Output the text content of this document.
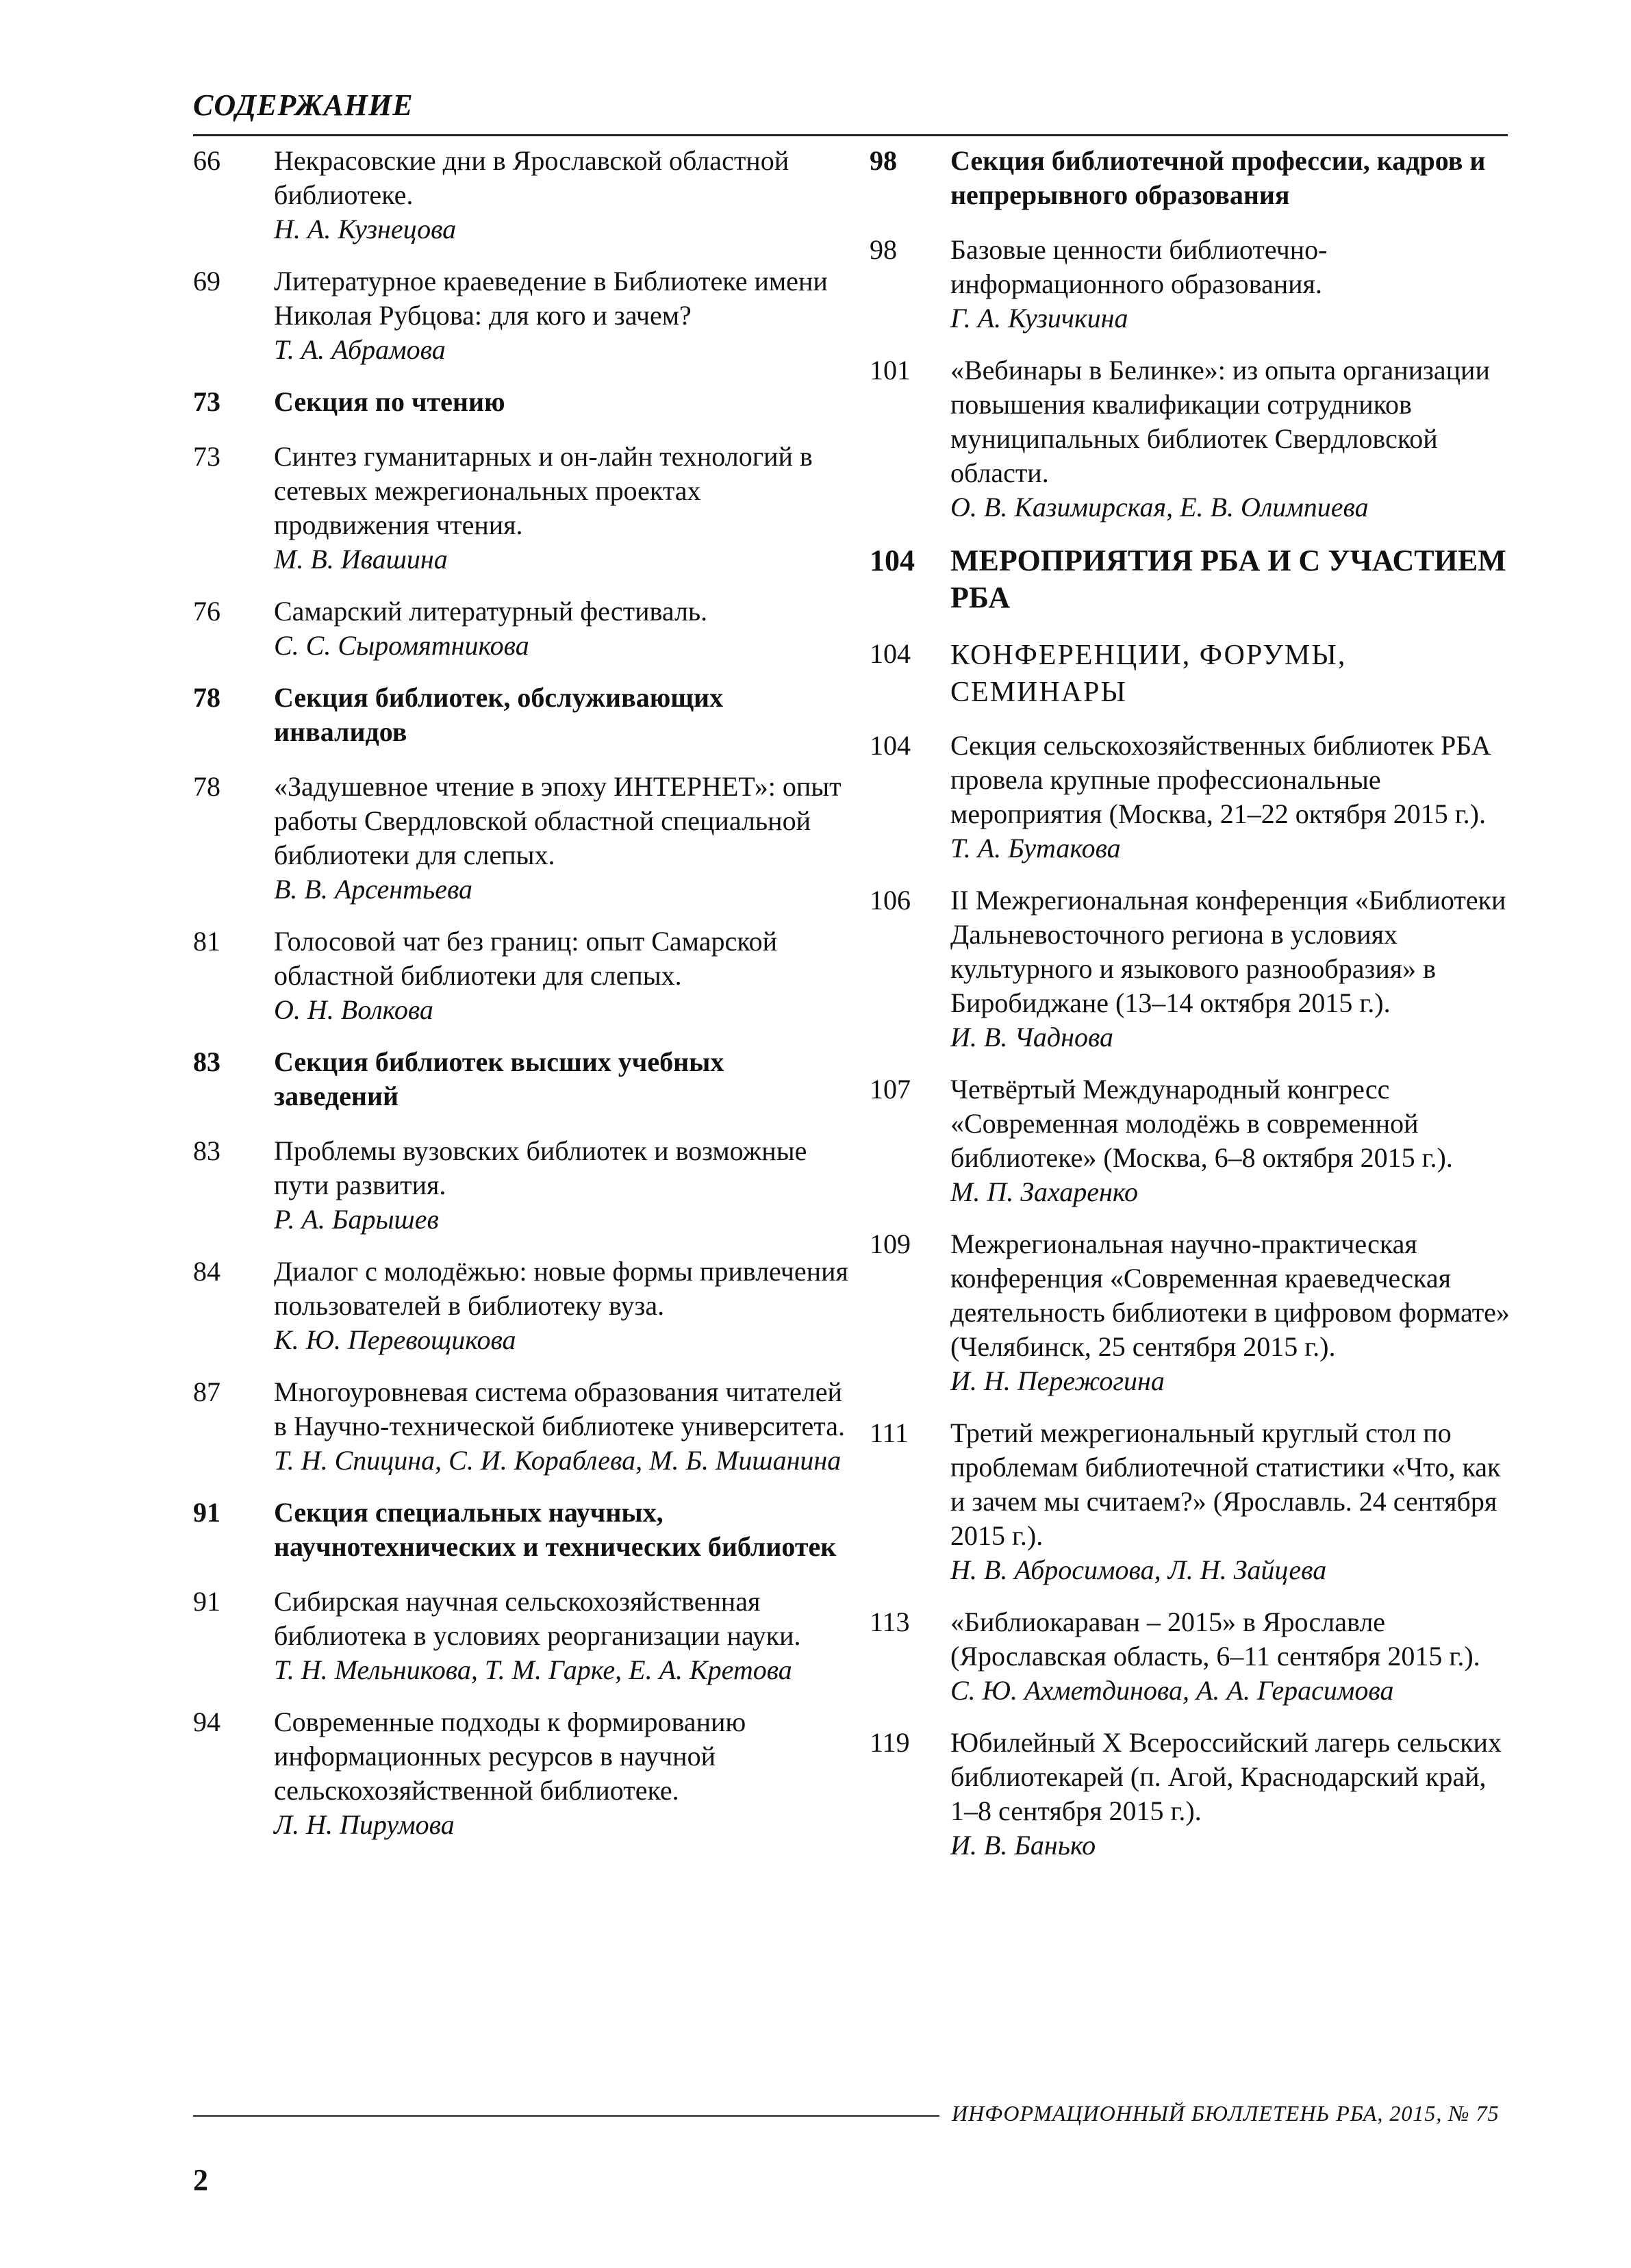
СОДЕРЖАНИЕ
66	Некрасовские дни в Ярославской областной библиотеке.
Н. А. Кузнецова
69	Литературное краеведение в Библиотеке имени Николая Рубцова: для кого и зачем?
Т. А. Абрамова
73	Секция по чтению
73	Синтез гуманитарных и он-лайн технологий в сетевых межрегиональных проектах продвижения чтения.
М. В. Ивашина
76	Самарский литературный фестиваль.
С. С. Сыромятникова
78	Секция библиотек, обслуживающих инвалидов
78	«Задушевное чтение в эпоху ИНТЕРНЕТ»: опыт работы Свердловской областной специальной библиотеки для слепых.
В. В. Арсентьева
81	Голосовой чат без границ: опыт Самарской областной библиотеки для слепых.
О. Н. Волкова
83	Секция библиотек высших учебных заведений
83	Проблемы вузовских библиотек и возможные пути развития.
Р. А. Барышев
84	Диалог с молодёжью: новые формы привлечения пользователей в библиотеку вуза.
К. Ю. Перевощикова
87	Многоуровневая система образования читателей в Научно-технической библиотеке университета.
Т. Н. Спицина, С. И. Кораблева, М. Б. Мишанина
91	Секция специальных научных, научнотехнических и технических библиотек
91	Сибирская научная сельскохозяйственная библиотека в условиях реорганизации науки.
Т. Н. Мельникова, Т. М. Гарке, Е. А. Кретова
94	Современные подходы к формированию информационных ресурсов в научной сельскохозяйственной библиотеке.
Л. Н. Пирумова
98	Секция библиотечной профессии, кадров и непрерывного образования
98	Базовые ценности библиотечно-информационного образования.
Г. А. Кузичкина
101	«Вебинары в Белинке»: из опыта организации повышения квалификации сотрудников муниципальных библиотек Свердловской области.
О. В. Казимирская, Е. В. Олимпиева
104	МЕРОПРИЯТИЯ РБА И С УЧАСТИЕМ РБА
104	КОНФЕРЕНЦИИ, ФОРУМЫ, СЕМИНАРЫ
104	Секция сельскохозяйственных библиотек РБА провела крупные профессиональные мероприятия (Москва, 21–22 октября 2015 г.).
Т. А. Бутакова
106	II Межрегиональная конференция «Библиотеки Дальневосточного региона в условиях культурного и языкового разнообразия» в Биробиджане (13–14 октября 2015 г.).
И. В. Чаднова
107	Четвёртый Международный конгресс «Современная молодёжь в современной библиотеке» (Москва, 6–8 октября 2015 г.).
М. П. Захаренко
109	Межрегиональная научно-практическая конференция «Современная краеведческая деятельность библиотеки в цифровом формате» (Челябинск, 25 сентября 2015 г.).
И. Н. Пережогина
111	Третий межрегиональный круглый стол по проблемам библиотечной статистики «Что, как и зачем мы считаем?» (Ярославль. 24 сентября 2015 г.).
Н. В. Абросимова, Л. Н. Зайцева
113	«Библиокараван – 2015» в Ярославле (Ярославская область, 6–11 сентября 2015 г.).
С. Ю. Ахметдинова, А. А. Герасимова
119	Юбилейный Х Всероссийский лагерь сельских библиотекарей (п. Агой, Краснодарский край, 1–8 сентября 2015 г.).
И. В. Банько
ИНФОРМАЦИОННЫЙ БЮЛЛЕТЕНЬ РБА, 2015, № 75
2
